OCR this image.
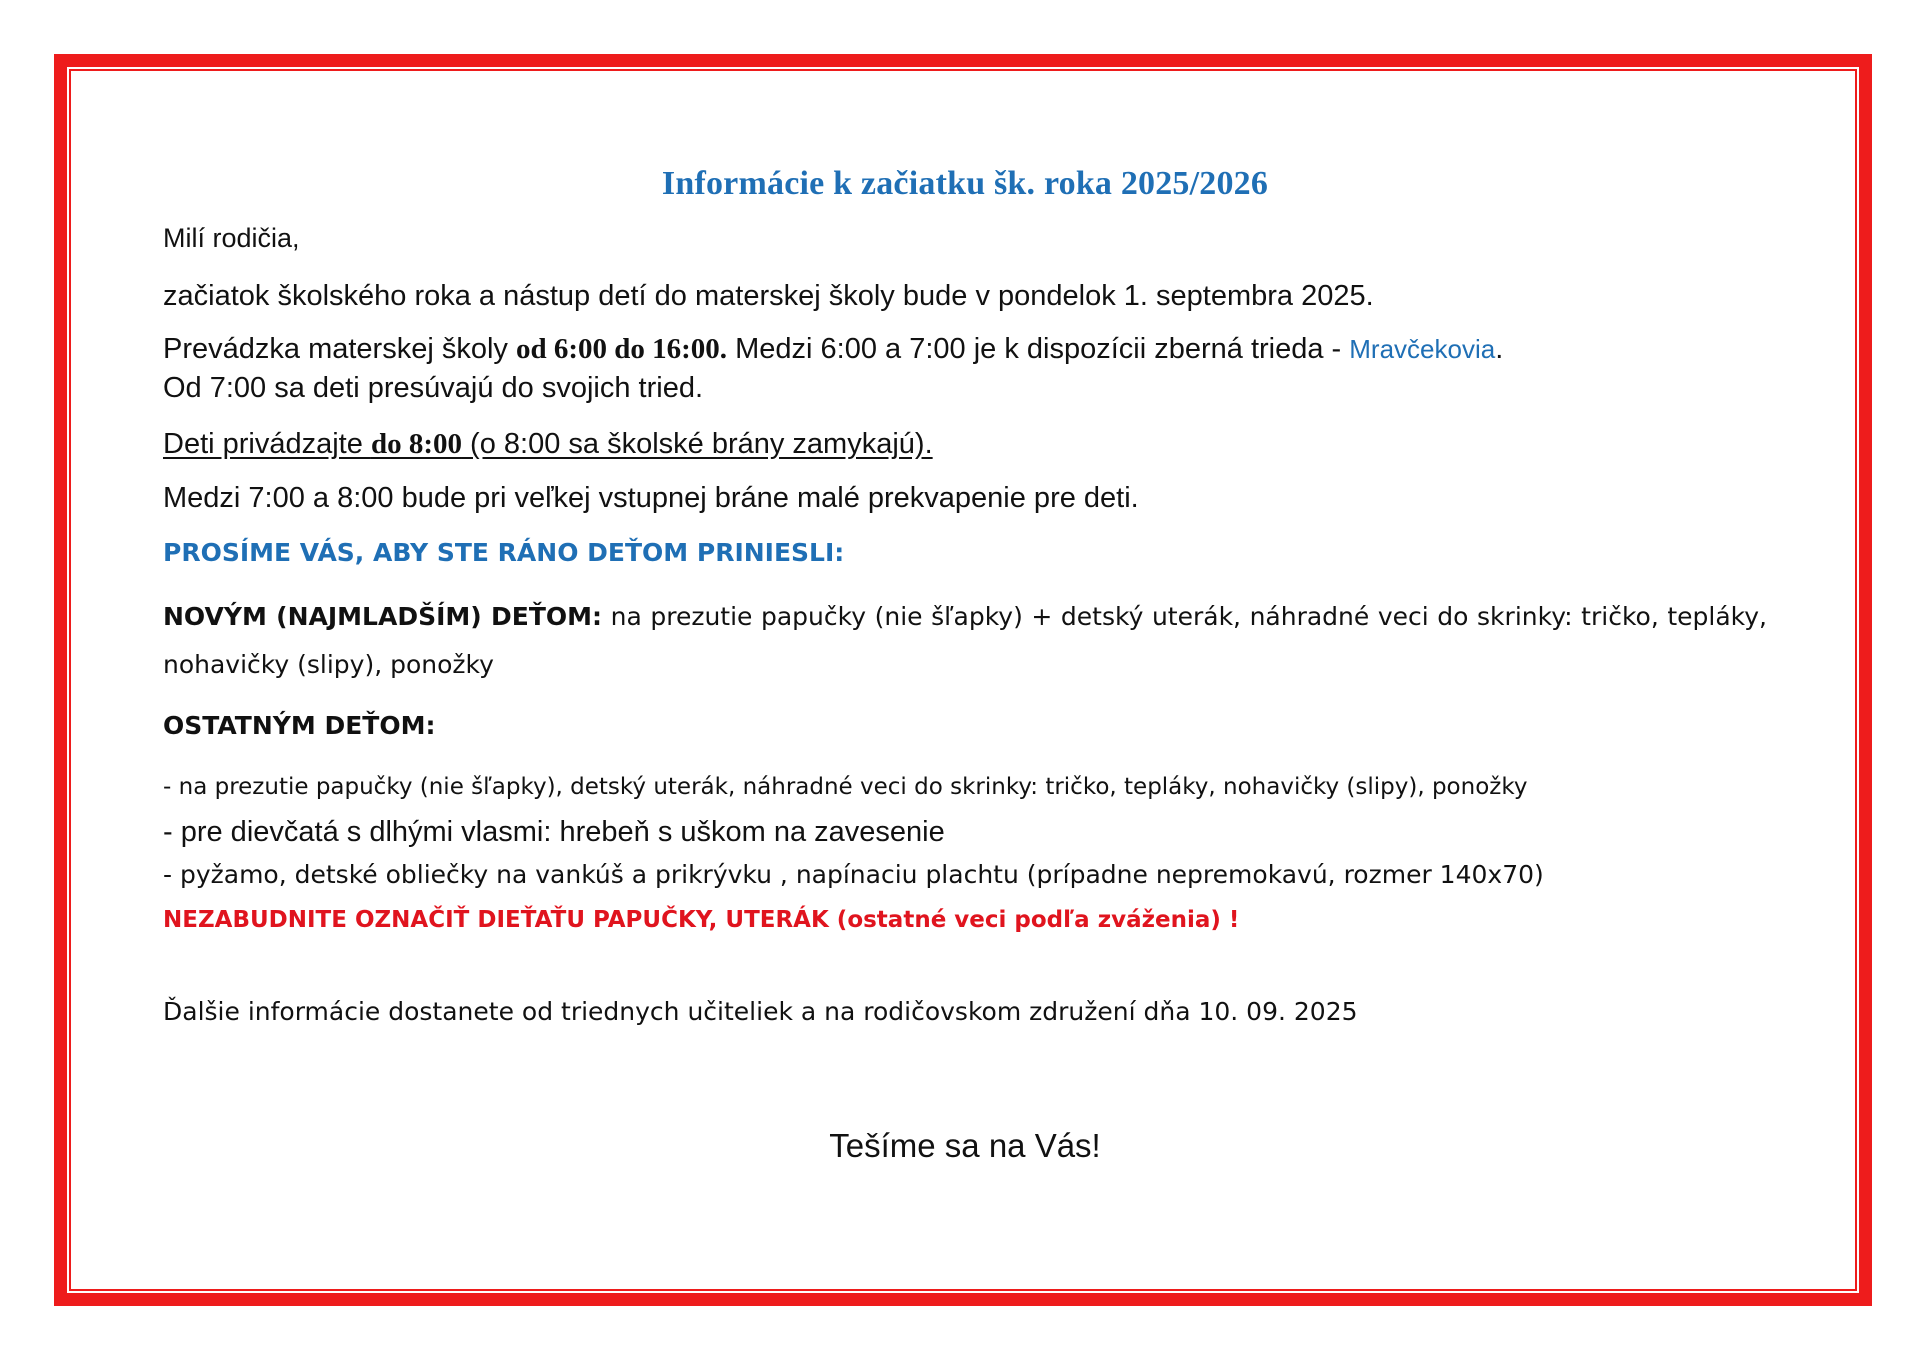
Informácie k začiatku šk. roka 2025/2026
Milí rodičia,
začiatok školského roka a nástup detí do materskej školy bude v pondelok 1. septembra 2025.
Prevádzka materskej školy od 6:00 do 16:00. Medzi 6:00 a 7:00 je k dispozícii zberná trieda - Mravčekovia.
Od 7:00 sa deti presúvajú do svojich tried.
Deti privádzajte do 8:00 (o 8:00 sa školské brány zamykajú).
Medzi 7:00 a 8:00 bude pri veľkej vstupnej bráne malé prekvapenie pre deti.
PROSÍME VÁS, ABY STE RÁNO DEŤOM PRINIESLI:
NOVÝM (NAJMLADŠÍM) DEŤOM: na prezutie papučky (nie šľapky) + detský uterák, náhradné veci do skrinky: tričko, tepláky, nohavičky (slipy), ponožky
OSTATNÝM DEŤOM:
- na prezutie papučky (nie šľapky), detský uterák, náhradné veci do skrinky: tričko, tepláky, nohavičky (slipy), ponožky
- pre dievčatá s dlhými vlasmi: hrebeň s uškom na zavesenie
- pyžamo, detské obliečky na vankúš a prikrývku , napínaciu plachtu (prípadne nepremokavú, rozmer 140x70)
NEZABUDNITE OZNAČIŤ DIEŤAŤU PAPUČKY, UTERÁK (ostatné veci podľa zváženia) !
Ďalšie informácie dostanete od triednych učiteliek a na rodičovskom združení dňa 10. 09. 2025
Tešíme sa na Vás!
